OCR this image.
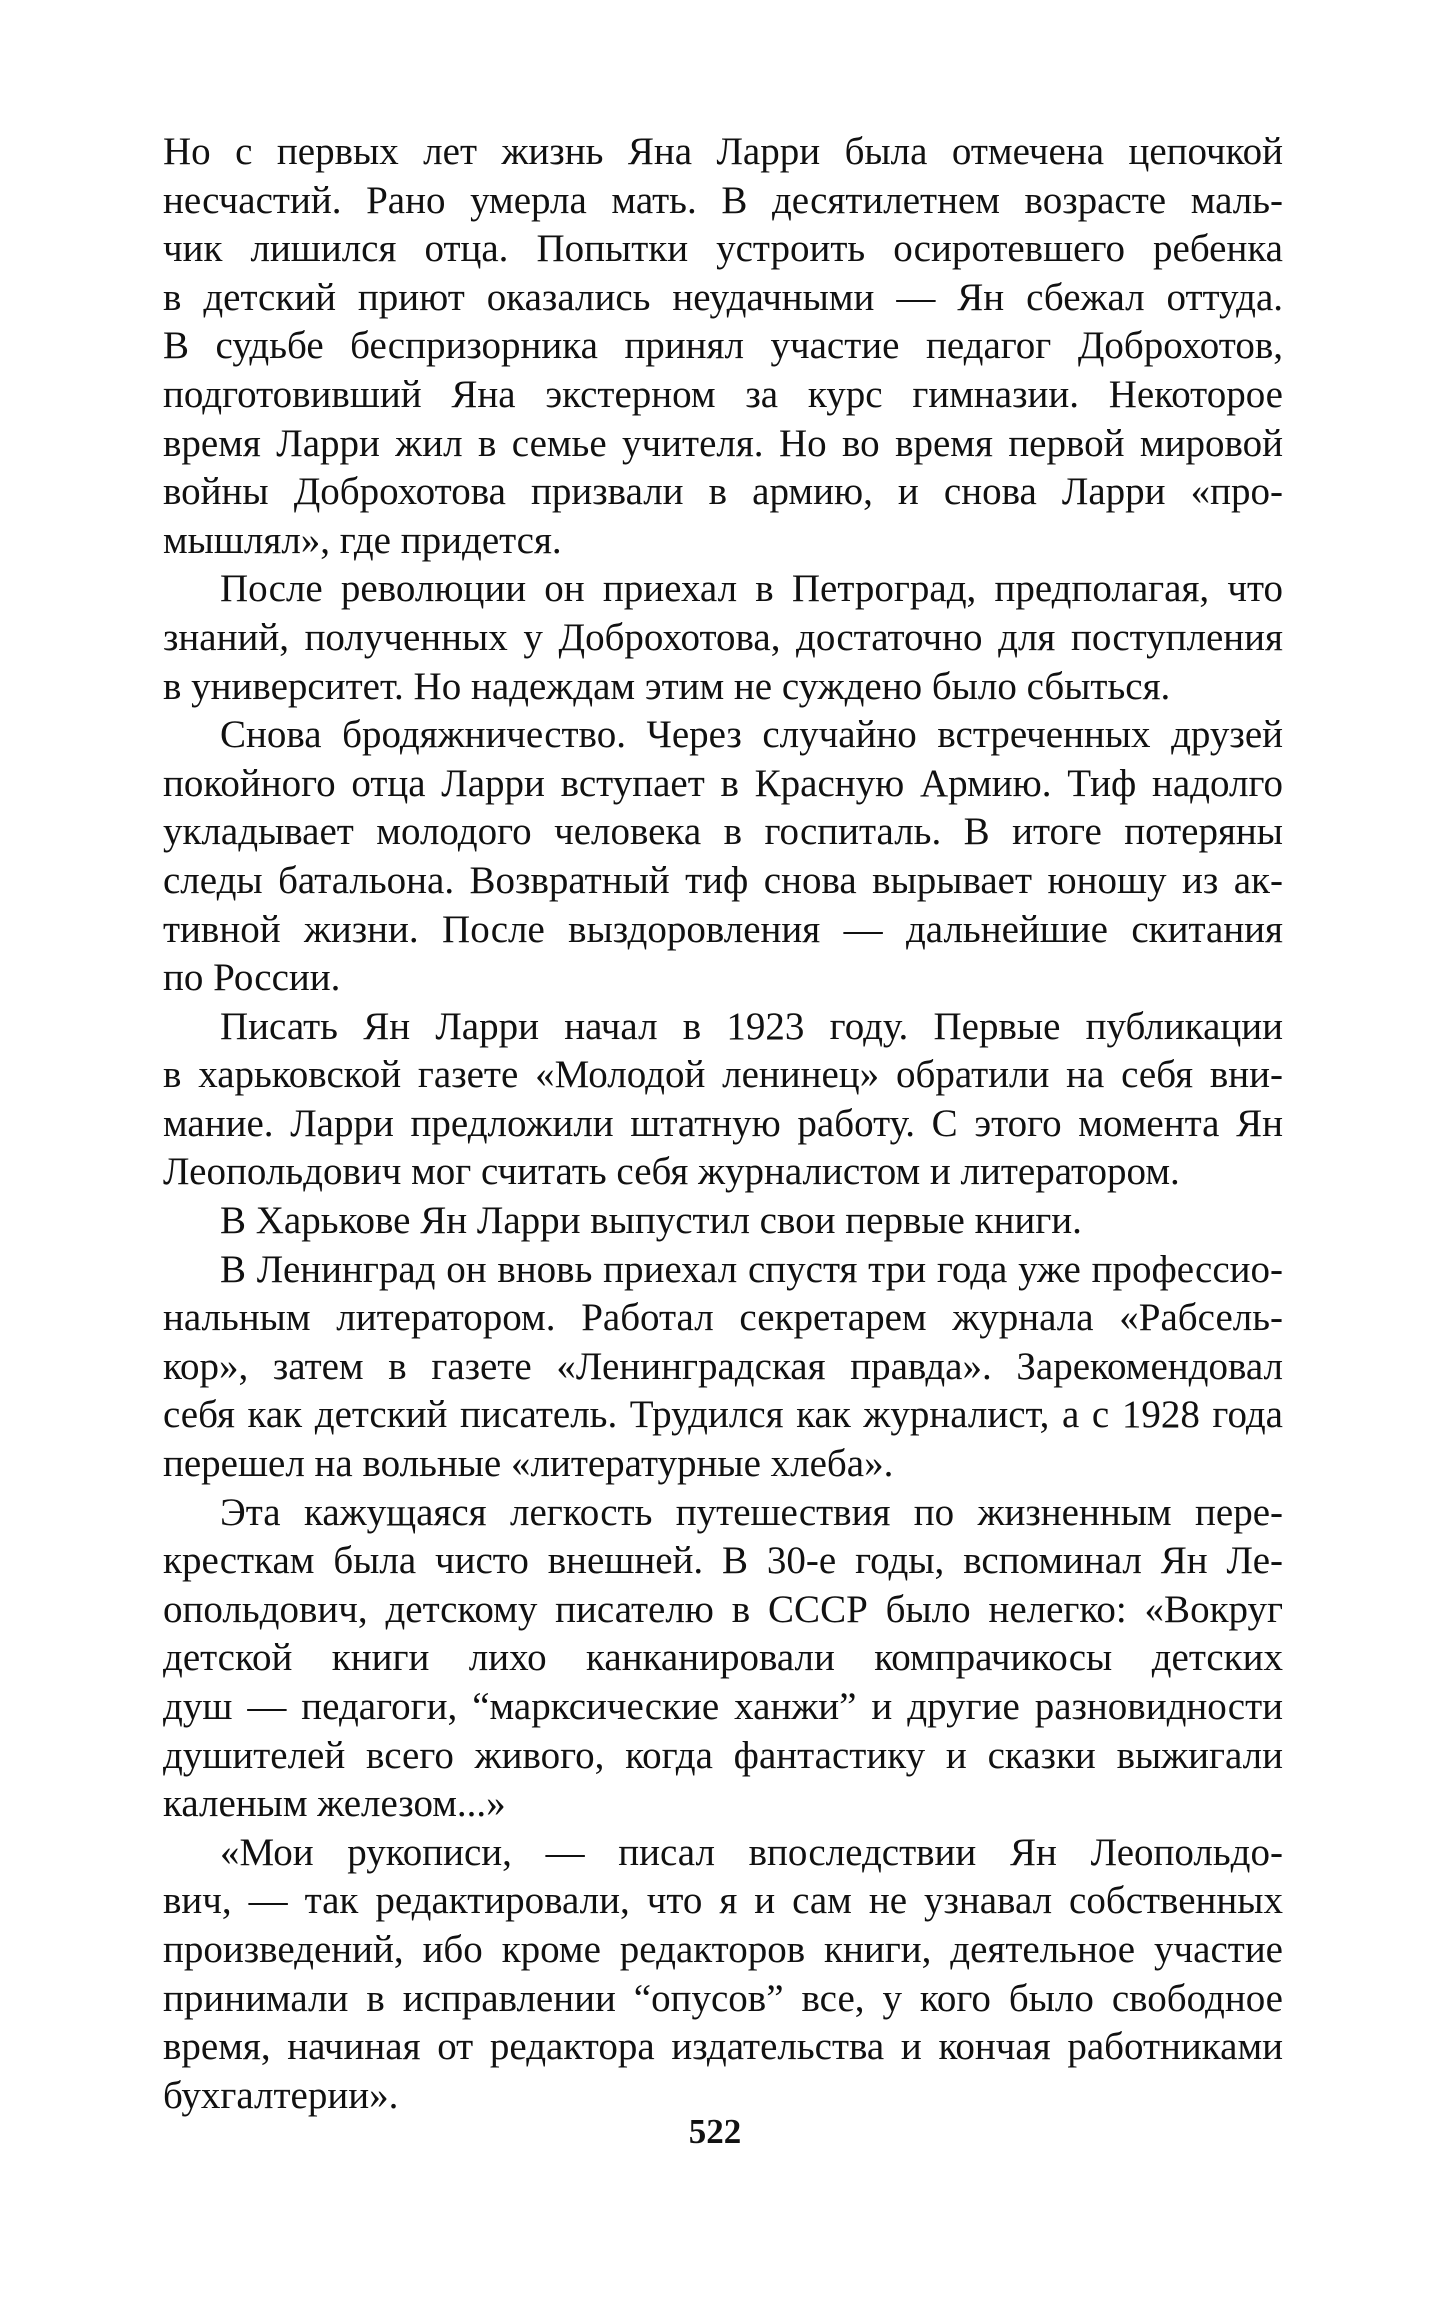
Но с первых лет жизнь Яна Ларри была отмечена цепочкой
несчастий. Рано умерла мать. В десятилетнем возрасте маль-
чик лишился отца. Попытки устроить осиротевшего ребенка
в детский приют оказались неудачными — Ян сбежал оттуда.
В судьбе беспризорника принял участие педагог Доброхотов,
подготовивший Яна экстерном за курс гимназии. Некоторое
время Ларри жил в семье учителя. Но во время первой мировой
войны Доброхотова призвали в армию, и снова Ларри «про-
мышлял», где придется.
После революции он приехал в Петроград, предполагая, что
знаний, полученных у Доброхотова, достаточно для поступления
в университет. Но надеждам этим не суждено было сбыться.
Снова бродяжничество. Через случайно встреченных друзей
покойного отца Ларри вступает в Красную Армию. Тиф надолго
укладывает молодого человека в госпиталь. В итоге потеряны
следы батальона. Возвратный тиф снова вырывает юношу из ак-
тивной жизни. После выздоровления — дальнейшие скитания
по России.
Писать Ян Ларри начал в 1923 году. Первые публикации
в харьковской газете «Молодой ленинец» обратили на себя вни-
мание. Ларри предложили штатную работу. С этого момента Ян
Леопольдович мог считать себя журналистом и литератором.
В Харькове Ян Ларри выпустил свои первые книги.
В Ленинград он вновь приехал спустя три года уже профессио-
нальным литератором. Работал секретарем журнала «Рабсель-
кор», затем в газете «Ленинградская правда». Зарекомендовал
себя как детский писатель. Трудился как журналист, а с 1928 года
перешел на вольные «литературные хлеба».
Эта кажущаяся легкость путешествия по жизненным пере-
кресткам была чисто внешней. В 30-е годы, вспоминал Ян Ле-
опольдович, детскому писателю в СССР было нелегко: «Вокруг
детской книги лихо канканировали компрачикосы детских
душ — педагоги, “марксические ханжи” и другие разновидности
душителей всего живого, когда фантастику и сказки выжигали
каленым железом...»
«Мои рукописи, — писал впоследствии Ян Леопольдо-
вич, — так редактировали, что я и сам не узнавал собственных
произведений, ибо кроме редакторов книги, деятельное участие
принимали в исправлении “опусов” все, у кого было свободное
время, начиная от редактора издательства и кончая работниками
бухгалтерии».
522
